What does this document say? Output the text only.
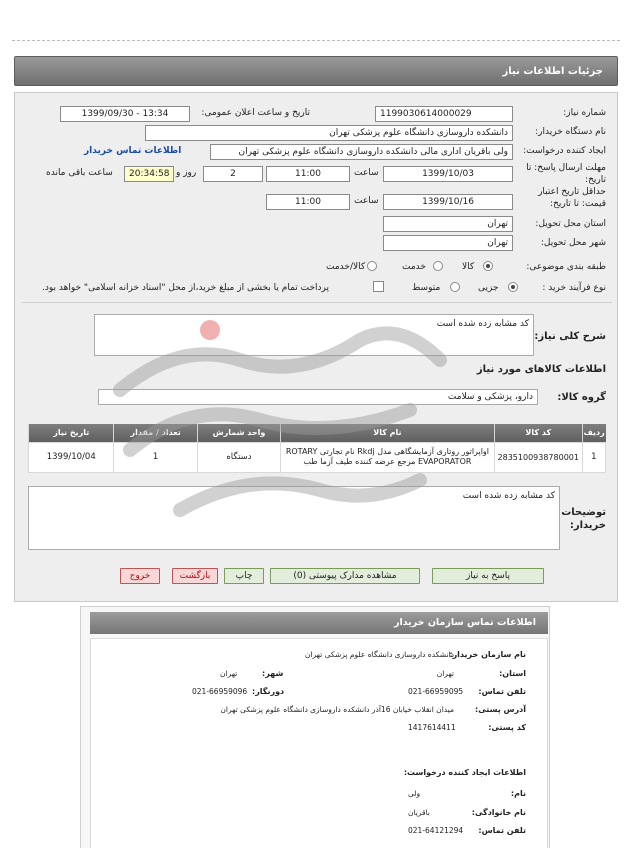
جزئیات اطلاعات نیاز
شماره نیاز:
1199030614000029
تاریخ و ساعت اعلان عمومی:
1399/09/30 - 13:34
نام دستگاه خریدار:
دانشکده داروسازی دانشگاه علوم پزشکی تهران
ایجاد کننده درخواست:
ولی باقریان اداری مالی دانشکده داروسازی دانشگاه علوم پزشکی تهران
اطلاعات تماس خریدار
مهلت ارسال پاسخ: تا تاریخ:
1399/10/03
ساعت
11:00
2
روز و
20:34:58
ساعت باقی مانده
حداقل تاریخ اعتبار قیمت: تا تاریخ:
1399/10/16
ساعت
11:00
استان محل تحویل:
تهران
شهر محل تحویل:
تهران
طبقه بندی موضوعی:
کالا
خدمت
کالا/خدمت
نوع فرآیند خرید :
جزیی
متوسط
پرداخت تمام یا بخشی از مبلغ خرید،از محل "اسناد خزانه اسلامی" خواهد بود.
شرح کلی نیاز:
کد مشابه زده شده است
اطلاعات کالاهای مورد نیاز
گروه کالا:
دارو، پزشکی و سلامت
ردیف	کد کالا	نام کالا	واحد شمارش	تعداد / مقدار	تاریخ نیاز
1	2835100938780001	اواپراتور روتاری آزمایشگاهی مدل Rkdj نام تجارتی ROTARY EVAPORATOR مرجع عرضه کننده طیف آزما طب	دستگاه	1	1399/10/04
توضیحات خریدار:
کد مشابه زده شده است
پاسخ به نیاز
مشاهده مدارک پیوستی (0)
چاپ
بازگشت
خروج
اطلاعات تماس سازمان خریدار
نام سازمان خریدار:
دانشکده داروسازی دانشگاه علوم پزشکی تهران
استان:
تهران
شهر:
تهران
تلفن تماس:
021-66959095
دورنگار:
021-66959096
آدرس پستی:
میدان انقلاب خیابان 16آذر دانشکده داروسازی دانشگاه علوم پزشکی تهران
کد پستی:
1417614411
اطلاعات ایجاد کننده درخواست:
نام:
ولی
نام خانوادگی:
باقریان
تلفن تماس:
021-64121294
